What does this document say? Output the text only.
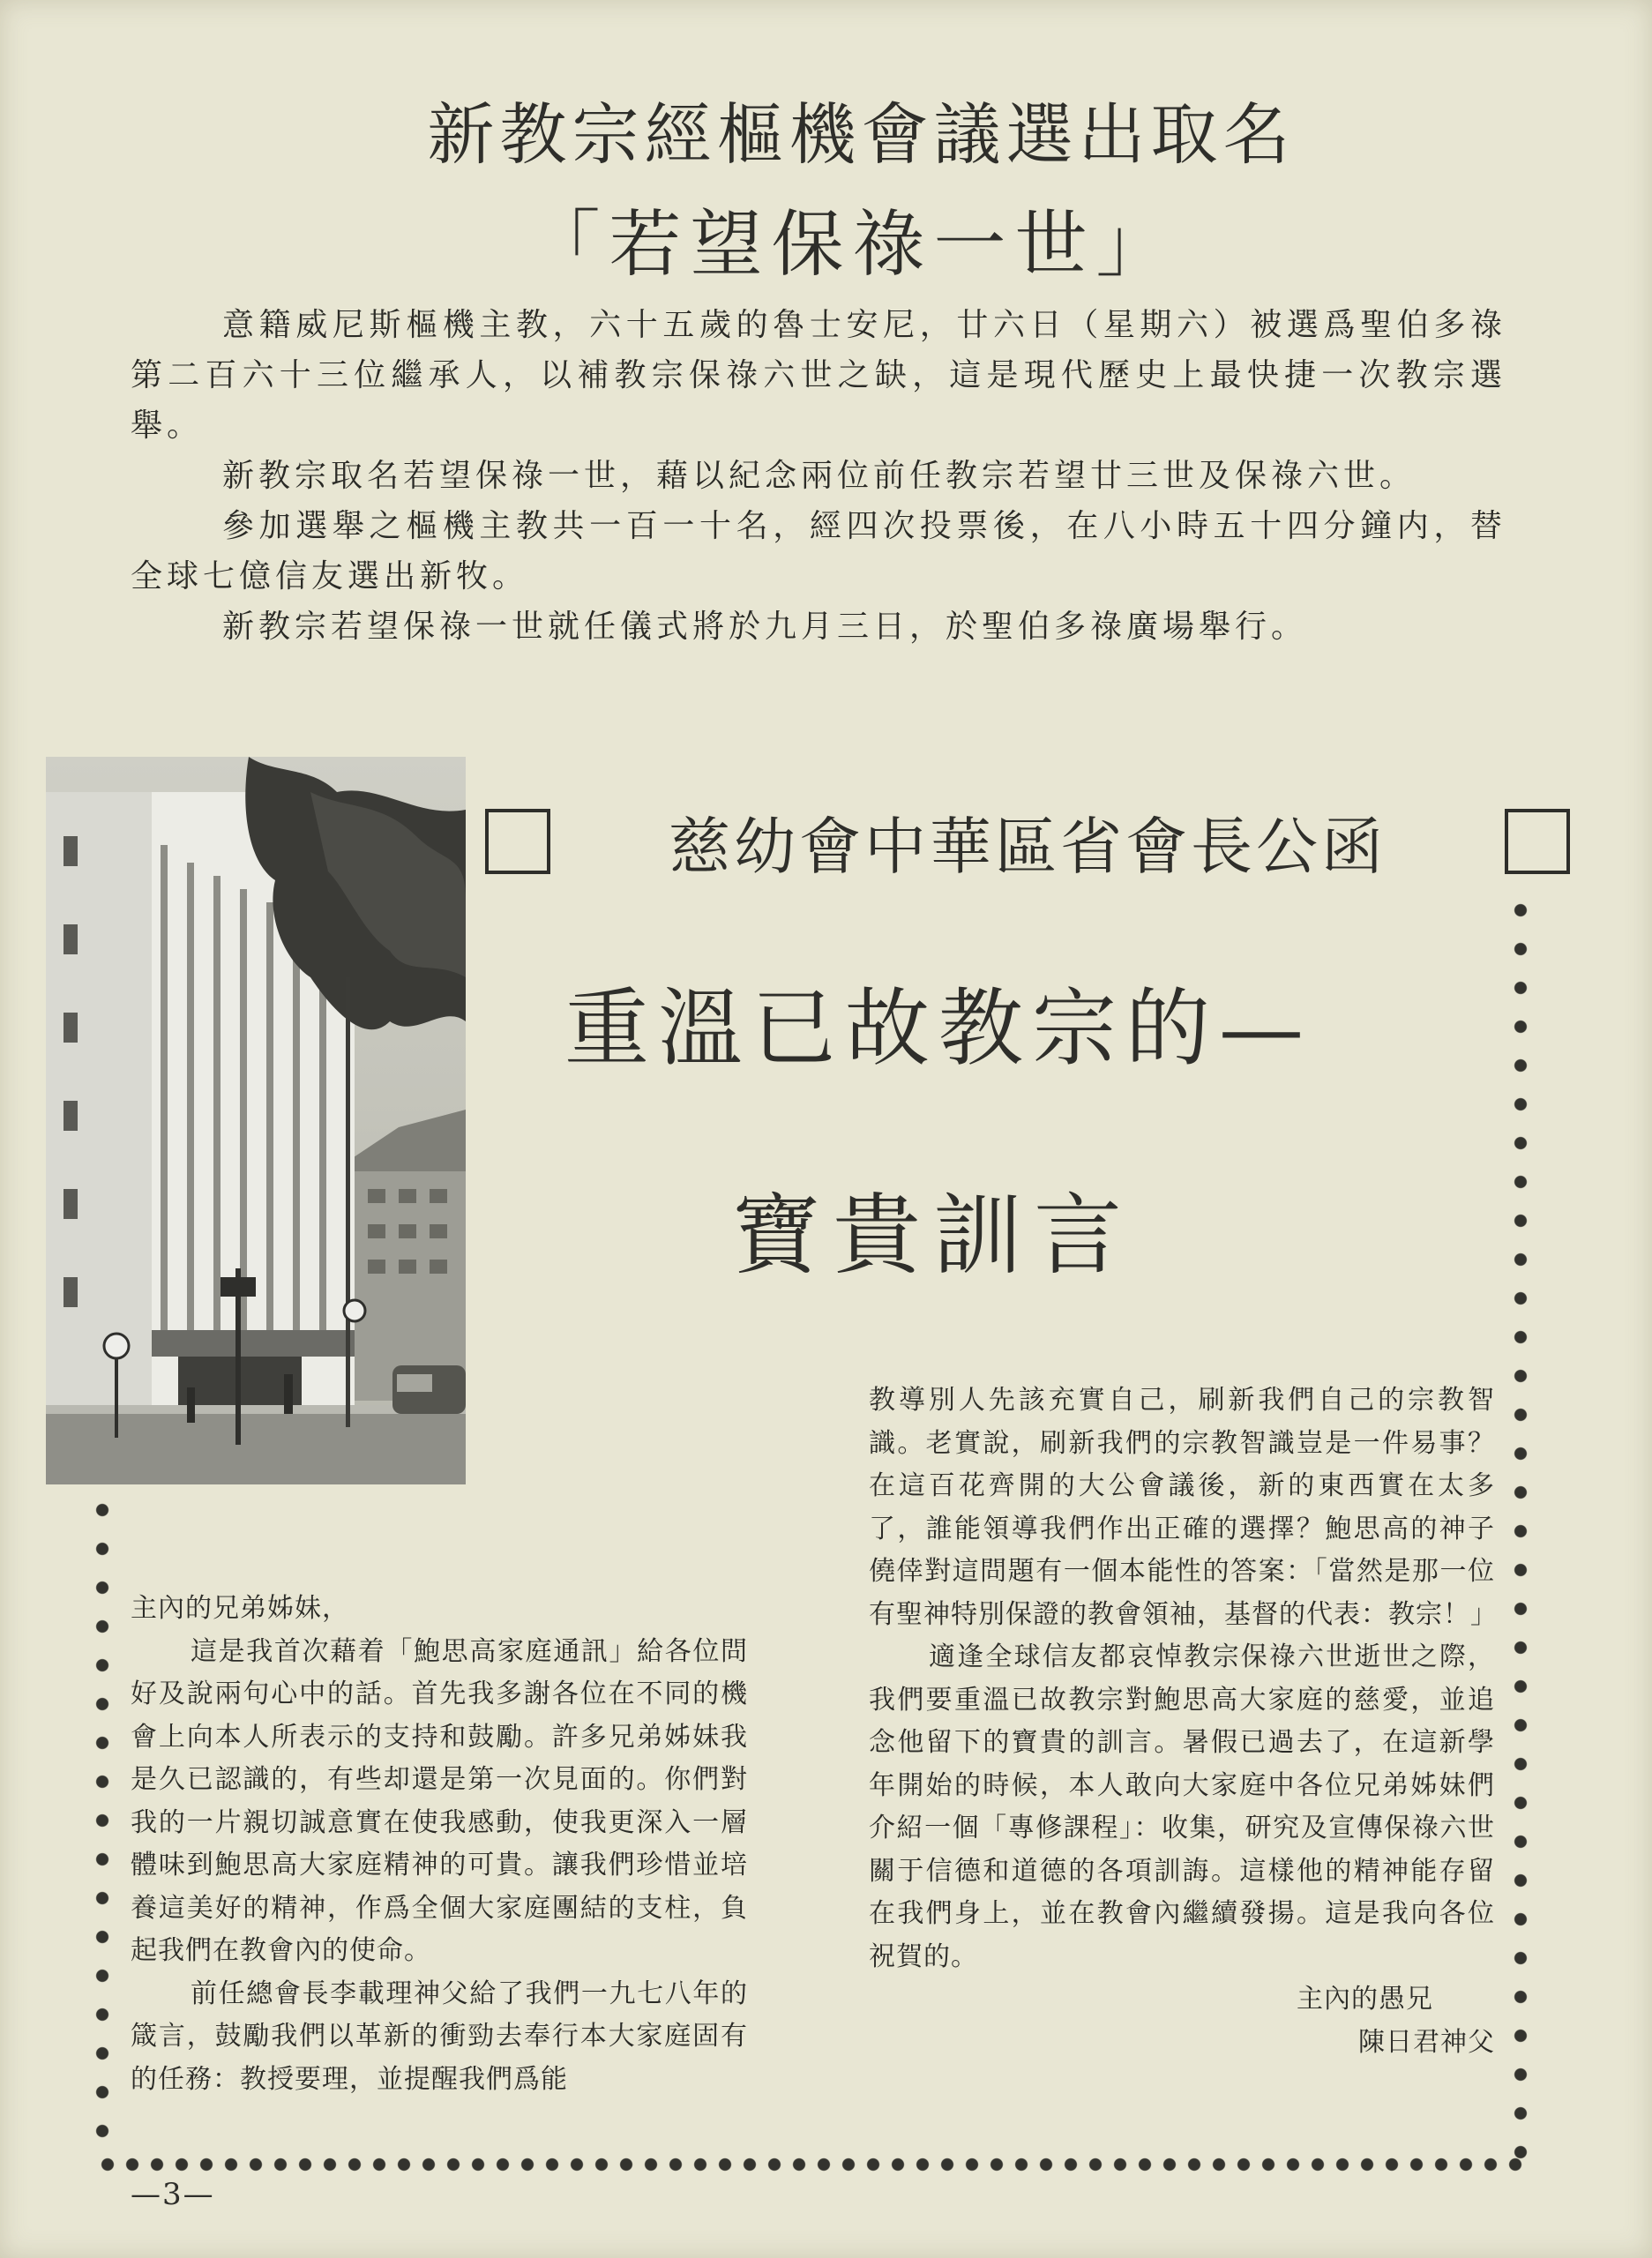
新教宗經樞機會議選出取名
「若望保祿一世」

意籍威尼斯樞機主教，六十五歲的魯士安尼，廿六日（星期六）被選爲聖伯多祿第二百六十三位繼承人，以補教宗保祿六世之缺，這是現代歷史上最快捷一次教宗選舉。

新教宗取名若望保祿一世，藉以紀念兩位前任教宗若望廿三世及保祿六世。

參加選舉之樞機主教共一百一十名，經四次投票後，在八小時五十四分鐘内，替全球七億信友選出新牧。

新教宗若望保祿一世就任儀式將於九月三日，於聖伯多祿廣場舉行。

慈幼會中華區省會長公函
重溫已故教宗的—
寶貴訓言

主內的兄弟姊妹，

這是我首次藉着「鮑思高家庭通訊」給各位問好及說兩句心中的話。首先我多謝各位在不同的機會上向本人所表示的支持和鼓勵。許多兄弟姊妹我是久已認識的，有些却還是第一次見面的。你們對我的一片親切誠意實在使我感動，使我更深入一層體味到鮑思高大家庭精神的可貴。讓我們珍惜並培養這美好的精神，作爲全個大家庭團結的支柱，負起我們在教會內的使命。

前任總會長李載理神父給了我們一九七八年的箴言，鼓勵我們以革新的衝勁去奉行本大家庭固有的任務：教授要理，並提醒我們爲能

教導別人先該充實自己，刷新我們自己的宗教智識。老實說，刷新我們的宗教智識豈是一件易事？在這百花齊開的大公會議後，新的東西實在太多了，誰能領導我們作出正確的選擇？鮑思高的神子僥倖對這問題有一個本能性的答案：「當然是那一位有聖神特別保證的教會領袖，基督的代表：教宗！」

適逢全球信友都哀悼教宗保祿六世逝世之際，我們要重溫已故教宗對鮑思高大家庭的慈愛，並追念他留下的寶貴的訓言。暑假已過去了，在這新學年開始的時候，本人敢向大家庭中各位兄弟姊妹們介紹一個「專修課程」：收集，研究及宣傳保祿六世關于信德和道德的各項訓誨。這樣他的精神能存留在我們身上，並在教會內繼續發揚。這是我向各位祝賀的。

主內的愚兄

陳日君神父

—3—
